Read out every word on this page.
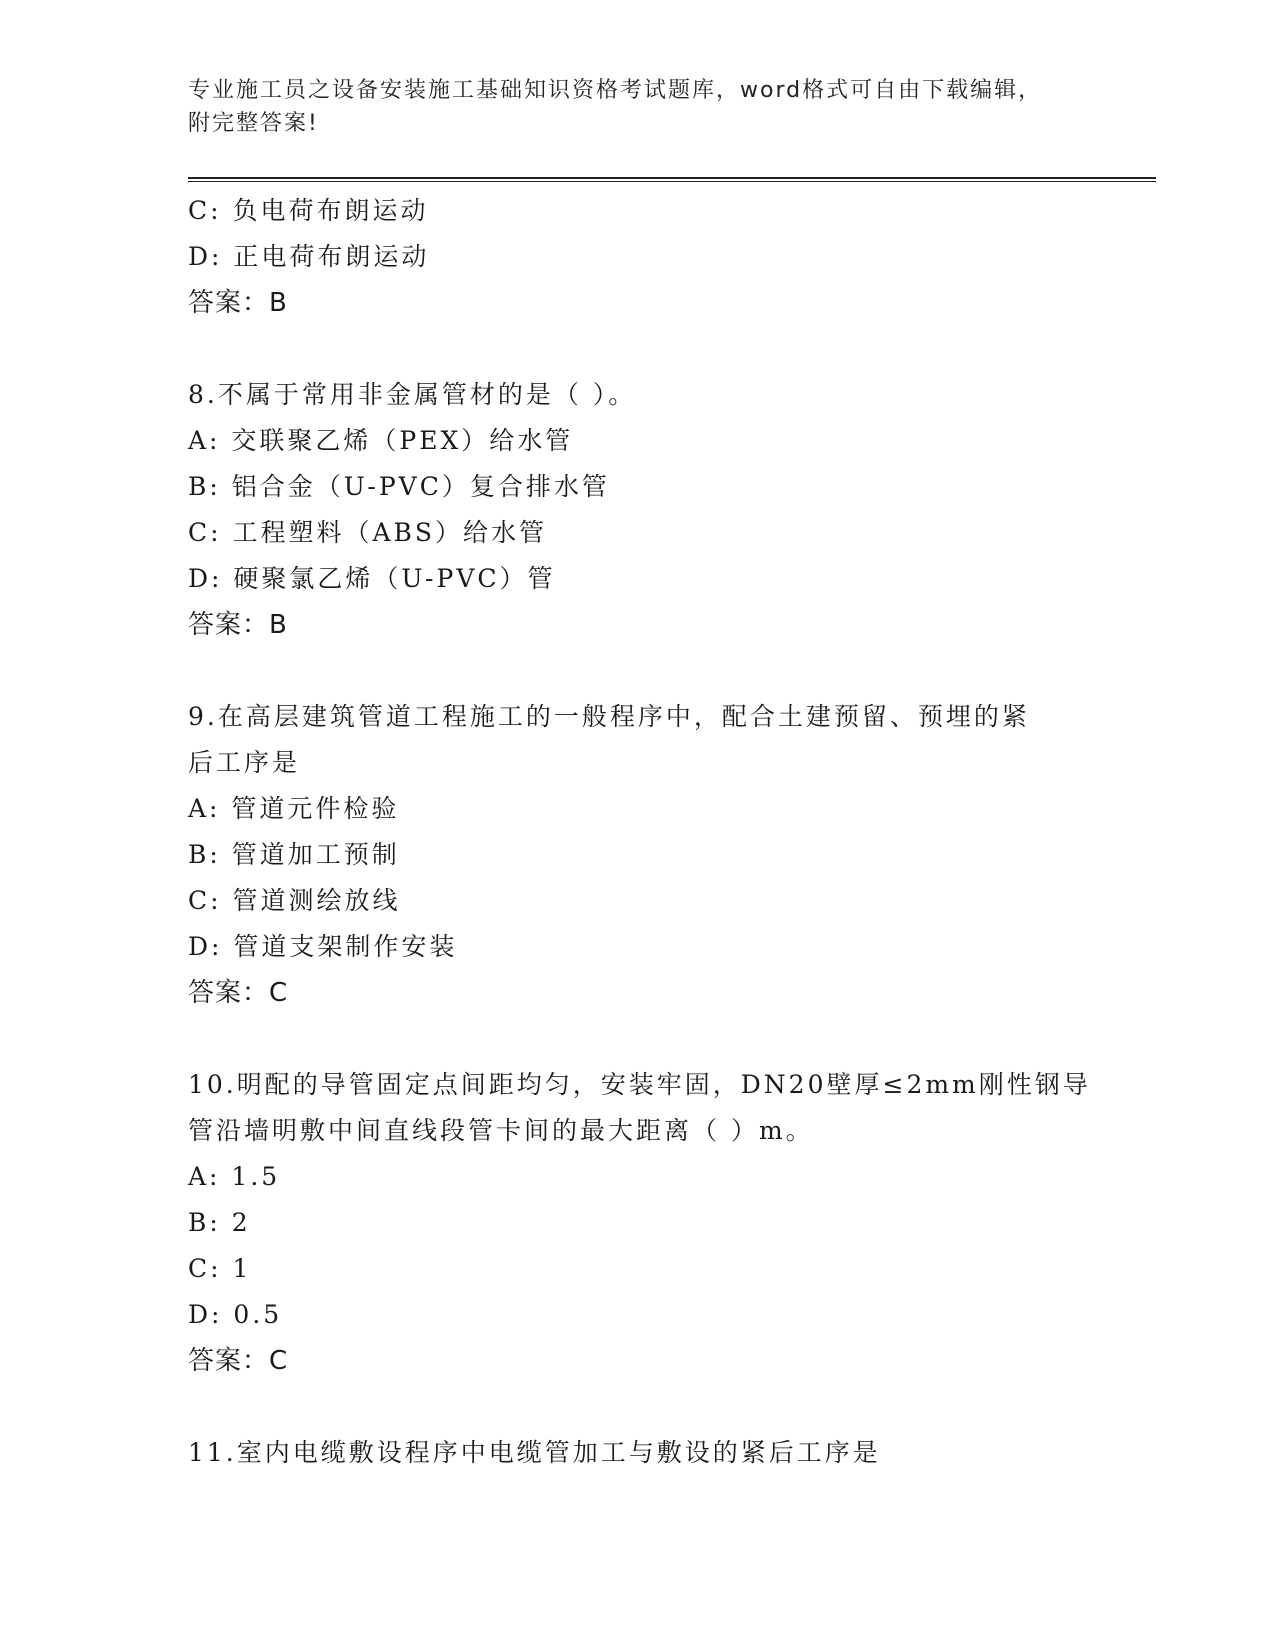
专业施工员之设备安装施工基础知识资格考试题库，word格式可自由下载编辑，
附完整答案!
C: 负电荷布朗运动
D: 正电荷布朗运动
答案：B
8.不属于常用非金属管材的是（ ）。
A: 交联聚乙烯（PEX）给水管
B: 铝合金（U-PVC）复合排水管
C: 工程塑料（ABS）给水管
D: 硬聚氯乙烯（U-PVC）管
答案：B
9.在高层建筑管道工程施工的一般程序中，配合土建预留、预埋的紧
后工序是
A: 管道元件检验
B: 管道加工预制
C: 管道测绘放线
D: 管道支架制作安装
答案：C
10.明配的导管固定点间距均匀，安装牢固，DN20壁厚≤2mm刚性钢导
管沿墙明敷中间直线段管卡间的最大距离（ ）m。
A: 1.5
B: 2
C: 1
D: 0.5
答案：C
11.室内电缆敷设程序中电缆管加工与敷设的紧后工序是
